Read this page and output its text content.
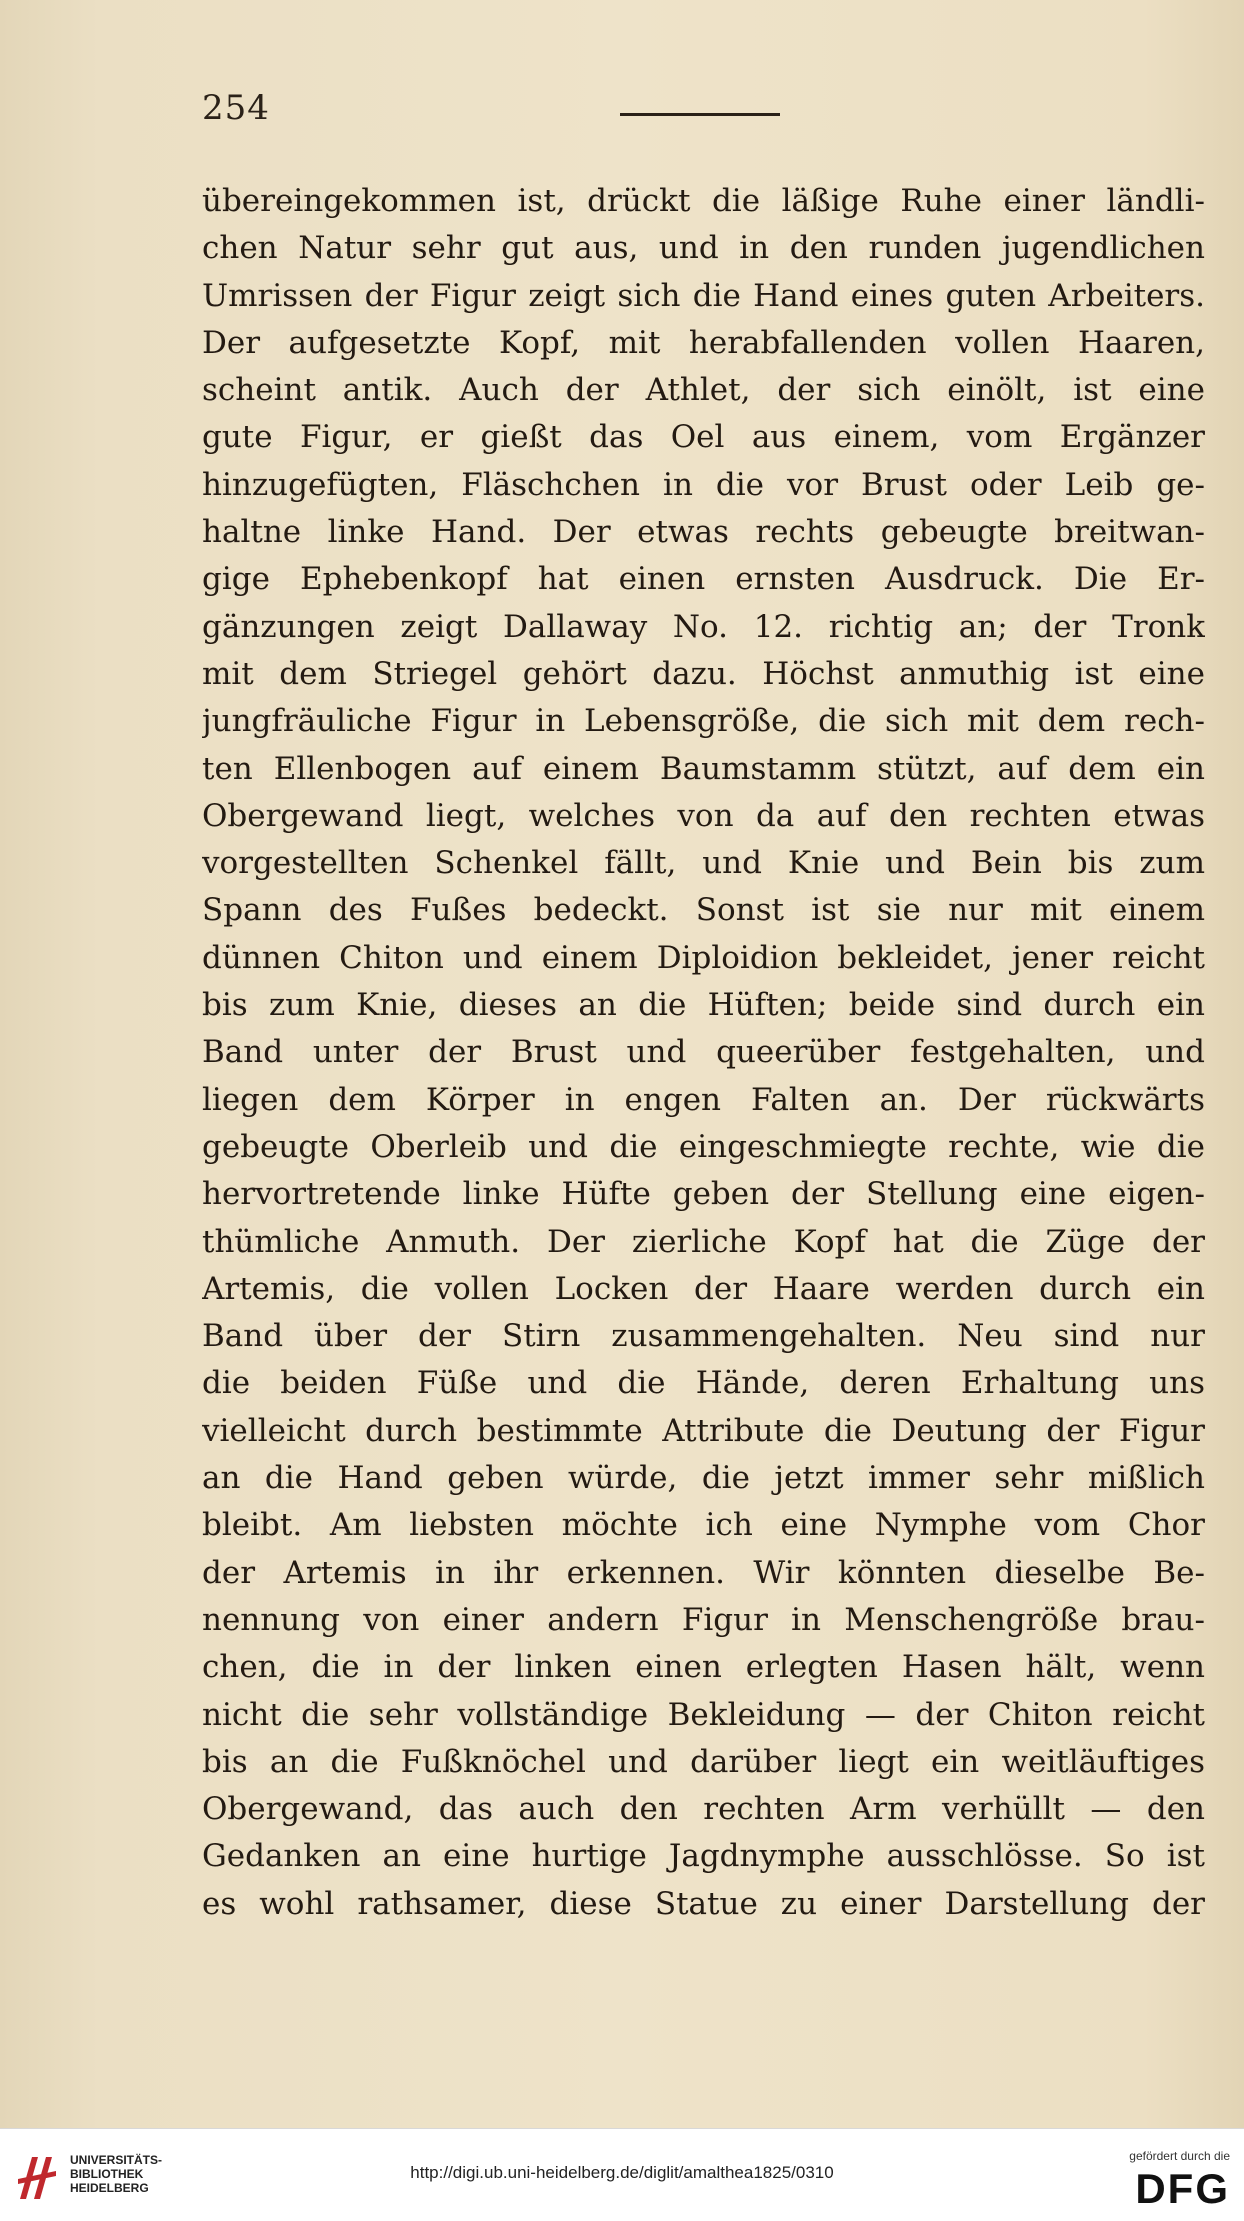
254
übereingekommen ist, drückt die läßige Ruhe einer ländli-
chen Natur sehr gut aus, und in den runden jugendlichen
Umrissen der Figur zeigt sich die Hand eines guten Arbeiters.
Der aufgesetzte Kopf, mit herabfallenden vollen Haaren,
scheint antik. Auch der Athlet, der sich einölt, ist eine
gute Figur, er gießt das Oel aus einem, vom Ergänzer
hinzugefügten, Fläschchen in die vor Brust oder Leib ge-
haltne linke Hand. Der etwas rechts gebeugte breitwan-
gige Ephebenkopf hat einen ernsten Ausdruck. Die Er-
gänzungen zeigt Dallaway No. 12. richtig an; der Tronk
mit dem Striegel gehört dazu. Höchst anmuthig ist eine
jungfräuliche Figur in Lebensgröße, die sich mit dem rech-
ten Ellenbogen auf einem Baumstamm stützt, auf dem ein
Obergewand liegt, welches von da auf den rechten etwas
vorgestellten Schenkel fällt, und Knie und Bein bis zum
Spann des Fußes bedeckt. Sonst ist sie nur mit einem
dünnen Chiton und einem Diploidion bekleidet, jener reicht
bis zum Knie, dieses an die Hüften; beide sind durch ein
Band unter der Brust und queerüber festgehalten, und
liegen dem Körper in engen Falten an. Der rückwärts
gebeugte Oberleib und die eingeschmiegte rechte, wie die
hervortretende linke Hüfte geben der Stellung eine eigen-
thümliche Anmuth. Der zierliche Kopf hat die Züge der
Artemis, die vollen Locken der Haare werden durch ein
Band über der Stirn zusammengehalten. Neu sind nur
die beiden Füße und die Hände, deren Erhaltung uns
vielleicht durch bestimmte Attribute die Deutung der Figur
an die Hand geben würde, die jetzt immer sehr mißlich
bleibt. Am liebsten möchte ich eine Nymphe vom Chor
der Artemis in ihr erkennen. Wir könnten dieselbe Be-
nennung von einer andern Figur in Menschengröße brau-
chen, die in der linken einen erlegten Hasen hält, wenn
nicht die sehr vollständige Bekleidung — der Chiton reicht
bis an die Fußknöchel und darüber liegt ein weitläuftiges
Obergewand, das auch den rechten Arm verhüllt — den
Gedanken an eine hurtige Jagdnymphe ausschlösse. So ist
es wohl rathsamer, diese Statue zu einer Darstellung der
UNIVERSITÄTS-
BIBLIOTHEK
HEIDELBERG
http://digi.ub.uni-heidelberg.de/diglit/amalthea1825/0310
gefördert durch die
DFG
